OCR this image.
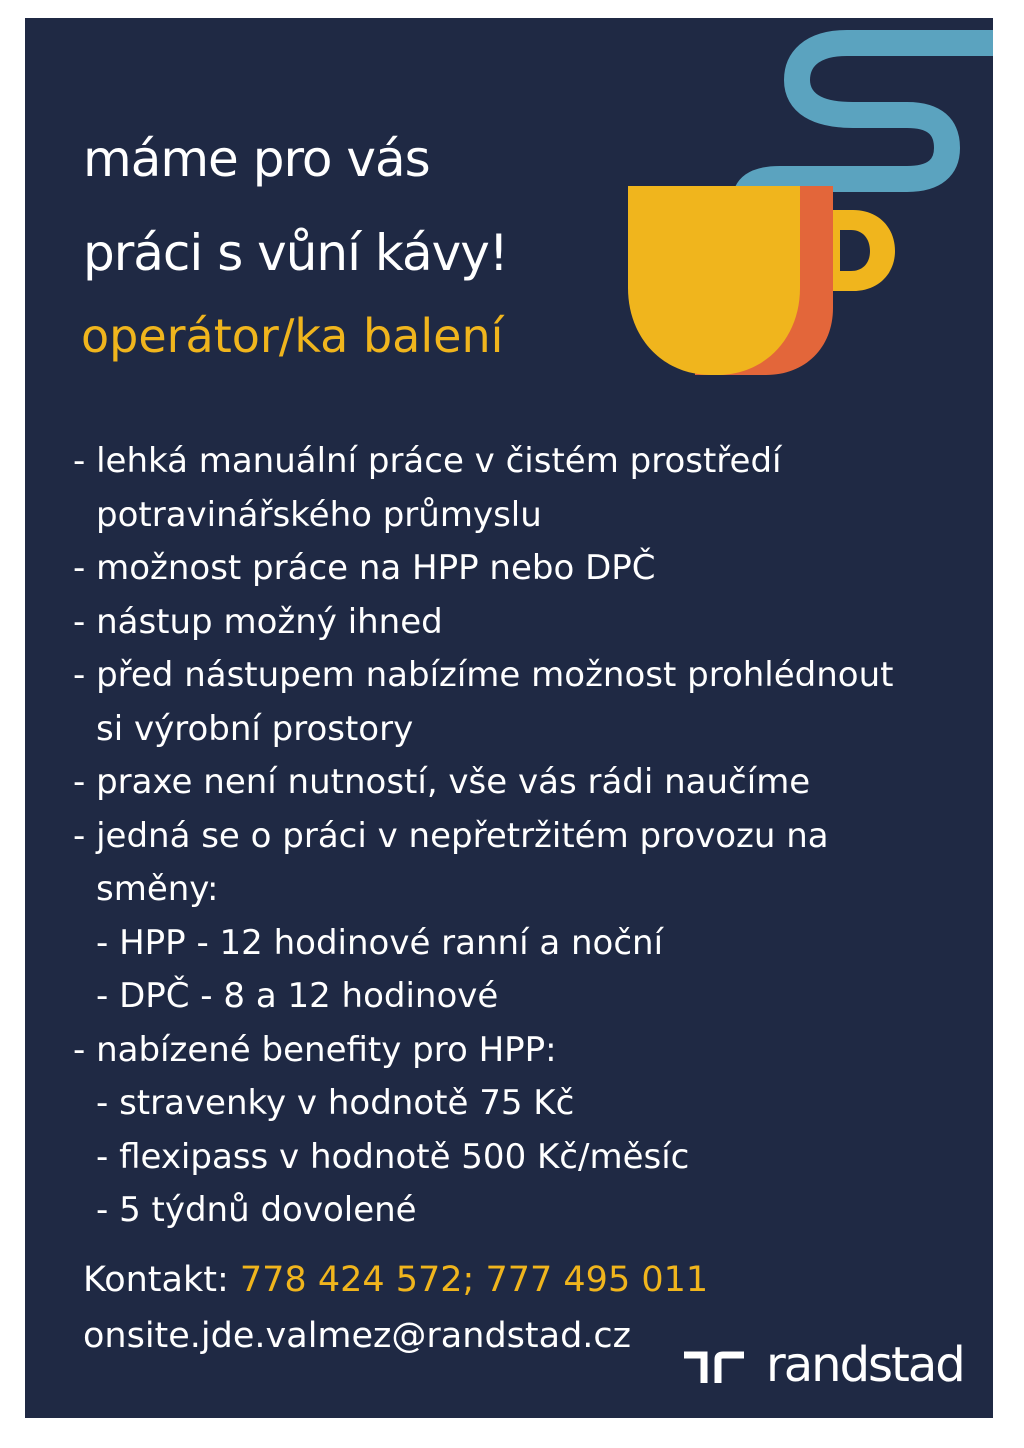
máme pro vás
práci s vůní kávy!
operátor/ka balení
- lehká manuální práce v čistém prostředí
potravinářského průmyslu
- možnost práce na HPP nebo DPČ
- nástup možný ihned
- před nástupem nabízíme možnost prohlédnout
si výrobní prostory
- praxe není nutností, vše vás rádi naučíme
- jedná se o práci v nepřetržitém provozu na
směny:
- HPP - 12 hodinové ranní a noční
- DPČ - 8 a 12 hodinové
- nabízené benefity pro HPP:
- stravenky v hodnotě 75 Kč
- flexipass v hodnotě 500 Kč/měsíc
- 5 týdnů dovolené
Kontakt: 778 424 572; 777 495 011
onsite.jde.valmez@randstad.cz
randstad
